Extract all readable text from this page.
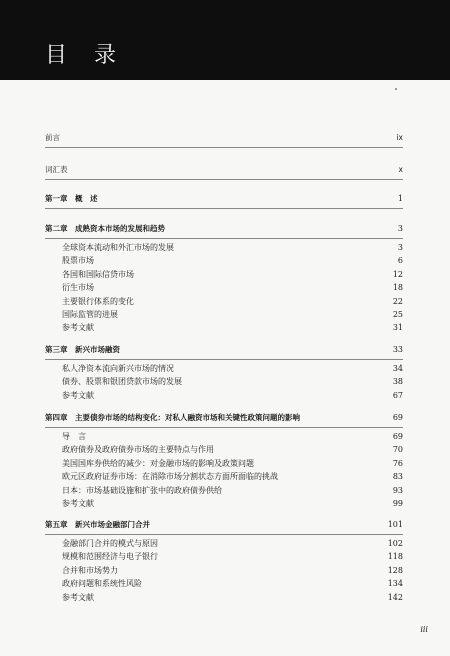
目 录
前言	ix
词汇表	x
第一章　概　述	1
第二章　成熟资本市场的发展和趋势	3
全球资本流动和外汇市场的发展	3
股票市场	6
各国和国际信贷市场	12
衍生市场	18
主要银行体系的变化	22
国际监管的进展	25
参考文献	31
第三章　新兴市场融资	33
私人净资本流向新兴市场的情况	34
债券、股票和银团贷款市场的发展	38
参考文献	67
第四章　主要债券市场的结构变化：对私人融资市场和关键性政策问题的影响	69
导　言	69
政府债券及政府债券市场的主要特点与作用	70
美国国库券供给的减少：对金融市场的影响及政策问题	76
欧元区政府证券市场：在消除市场分割状态方面所面临的挑战	83
日本：市场基础设施和扩张中的政府债券供给	93
参考文献	99
第五章　新兴市场金融部门合并	101
金融部门合并的模式与原因	102
规模和范围经济与电子银行	118
合并和市场势力	128
政府问题和系统性风险	134
参考文献	142
iii
